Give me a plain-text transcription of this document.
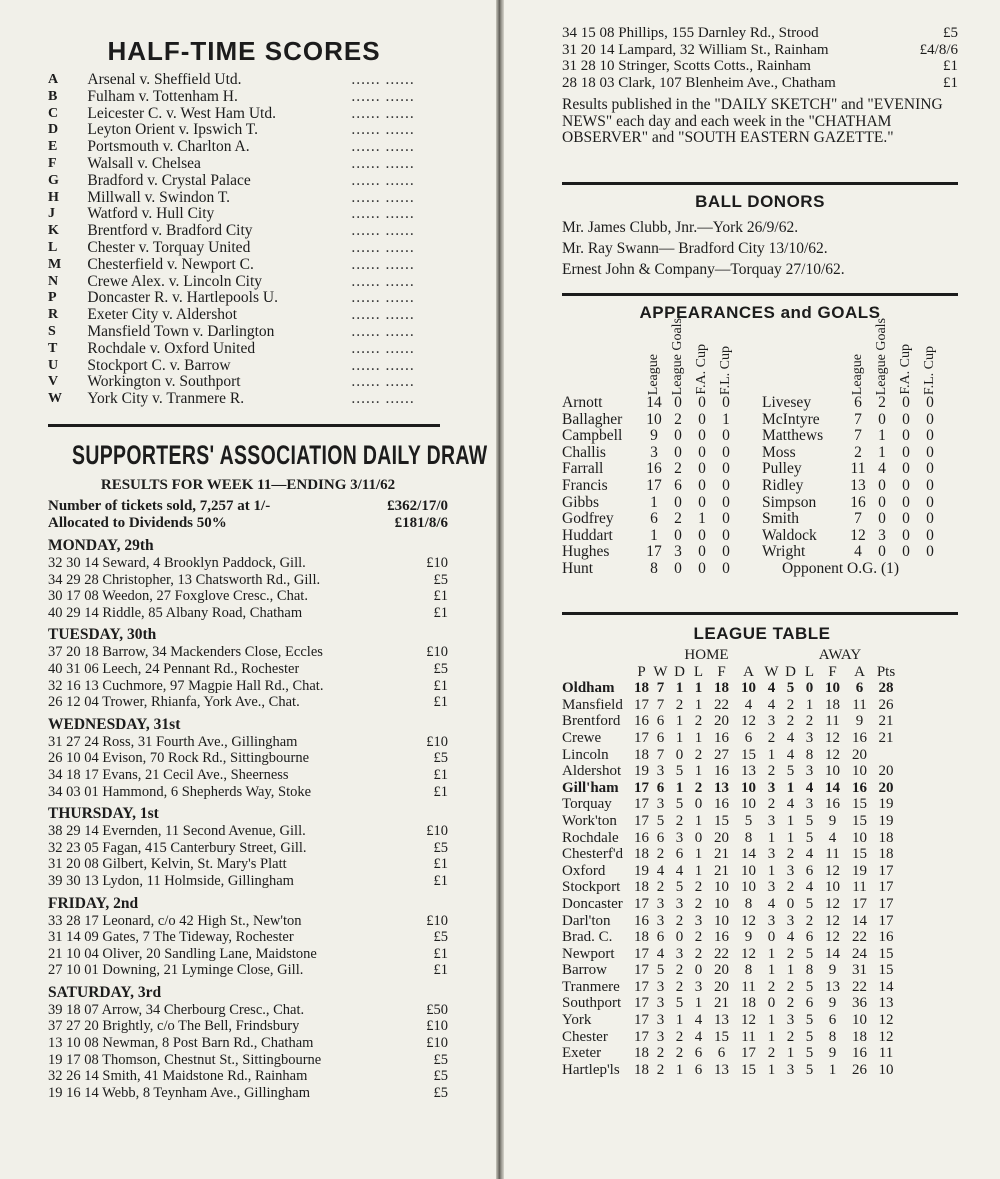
HALF-TIME SCORES
A	Arsenal v. Sheffield Utd.	...... ......
B	Fulham v. Tottenham H.	...... ......
C	Leicester C. v. West Ham Utd.	...... ......
D	Leyton Orient v. Ipswich T.	...... ......
E	Portsmouth v. Charlton A.	...... ......
F	Walsall v. Chelsea	...... ......
G	Bradford v. Crystal Palace	...... ......
H	Millwall v. Swindon T.	...... ......
J	Watford v. Hull City	...... ......
K	Brentford v. Bradford City	...... ......
L	Chester v. Torquay United	...... ......
M	Chesterfield v. Newport C.	...... ......
N	Crewe Alex. v. Lincoln City	...... ......
P	Doncaster R. v. Hartlepools U.	...... ......
R	Exeter City v. Aldershot	...... ......
S	Mansfield Town v. Darlington	...... ......
T	Rochdale v. Oxford United	...... ......
U	Stockport C. v. Barrow	...... ......
V	Workington v. Southport	...... ......
W	York City v. Tranmere R.	...... ......
SUPPORTERS' ASSOCIATION DAILY DRAW
RESULTS FOR WEEK 11—ENDING 3/11/62
Number of tickets sold, 7,257 at 1/-	£362/17/0
Allocated to Dividends 50%	£181/8/6
MONDAY, 29th
32 30 14 Seward, 4 Brooklyn Paddock, Gill.	£10
34 29 28 Christopher, 13 Chatsworth Rd., Gill.	£5
30 17 08 Weedon, 27 Foxglove Cresc., Chat.	£1
40 29 14 Riddle, 85 Albany Road, Chatham	£1
TUESDAY, 30th
37 20 18 Barrow, 34 Mackenders Close, Eccles	£10
40 31 06 Leech, 24 Pennant Rd., Rochester	£5
32 16 13 Cuchmore, 97 Magpie Hall Rd., Chat.	£1
26 12 04 Trower, Rhianfa, York Ave., Chat.	£1
WEDNESDAY, 31st
31 27 24 Ross, 31 Fourth Ave., Gillingham	£10
26 10 04 Evison, 70 Rock Rd., Sittingbourne	£5
34 18 17 Evans, 21 Cecil Ave., Sheerness	£1
34 03 01 Hammond, 6 Shepherds Way, Stoke	£1
THURSDAY, 1st
38 29 14 Evernden, 11 Second Avenue, Gill.	£10
32 23 05 Fagan, 415 Canterbury Street, Gill.	£5
31 20 08 Gilbert, Kelvin, St. Mary's Platt	£1
39 30 13 Lydon, 11 Holmside, Gillingham	£1
FRIDAY, 2nd
33 28 17 Leonard, c/o 42 High St., New'ton	£10
31 14 09 Gates, 7 The Tideway, Rochester	£5
21 10 04 Oliver, 20 Sandling Lane, Maidstone	£1
27 10 01 Downing, 21 Lyminge Close, Gill.	£1
SATURDAY, 3rd
39 18 07 Arrow, 34 Cherbourg Cresc., Chat.	£50
37 27 20 Brightly, c/o The Bell, Frindsbury	£10
13 10 08 Newman, 8 Post Barn Rd., Chatham	£10
19 17 08 Thomson, Chestnut St., Sittingbourne	£5
32 26 14 Smith, 41 Maidstone Rd., Rainham	£5
19 16 14 Webb, 8 Teynham Ave., Gillingham	£5
34 15 08 Phillips, 155 Darnley Rd., Strood	£5
31 20 14 Lampard, 32 William St., Rainham	£4/8/6
31 28 10 Stringer, Scotts Cotts., Rainham	£1
28 18 03 Clark, 107 Blenheim Ave., Chatham	£1
Results published in the "DAILY SKETCH" and "EVENING NEWS" each day and each week in the "CHATHAM OBSERVER" and "SOUTH EASTERN GAZETTE."
BALL DONORS
Mr. James Clubb, Jnr.—York 26/9/62.
Mr. Ray Swann— Bradford City 13/10/62.
Ernest John & Company—Torquay 27/10/62.
APPEARANCES and GOALS
League League Goals F.A. Cup F.L. Cup
Arnott	14 0	0	0
Ballagher	10 2	0	1
Campbell	9	0	0	0
Challis	3	0	0	0
Farrall	16 2	0	0
Francis	17 6	0	0
Gibbs	1	0	0	0
Godfrey	6	2	1	0
Huddart	1	0	0	0
Hughes	17 3	0	0
Hunt	8	0	0	0
League League Goals F.A. Cup F.L. Cup
Livesey	6	2	0	0
McIntyre	7	0	0	0
Matthews	7	1	0	0
Moss	2	1	0	0
Pulley	11 4	0	0
Ridley	13 0	0	0
Simpson	16 0	0	0
Smith	7	0	0	0
Waldock	12 3	0	0
Wright	4	0	0	0
Opponent O.G. (1)
LEAGUE TABLE
		HOME						AWAY				
	P	W	D	L	F	A	W	D	L	F	A	Pts
Oldham	18	7	1	1	18	10	4	5	0	10	6	28
Mansfield	17	7	2	1	22	4	4	2	1	18	11	26
Brentford	16	6	1	2	20	12	3	2	2	11	9	21
Crewe	17	6	1	1	16	6	2	4	3	12	16	21
Lincoln	18	7	0	2	27	15	1	4	8	12	20	
Aldershot	19	3	5	1	16	13	2	5	3	10	10	20
Gill'ham	17	6	1	2	13	10	3	1	4	14	16	20
Torquay	17	3	5	0	16	10	2	4	3	16	15	19
Work'ton	17	5	2	1	15	5	3	1	5	9	15	19
Rochdale	16	6	3	0	20	8	1	1	5	4	10	18
Chesterf'd	18	2	6	1	21	14	3	2	4	11	15	18
Oxford	19	4	4	1	21	10	1	3	6	12	19	17
Stockport	18	2	5	2	10	10	3	2	4	10	11	17
Doncaster	17	3	3	2	10	8	4	0	5	12	17	17
Darl'ton	16	3	2	3	10	12	3	3	2	12	14	17
Brad. C.	18	6	0	2	16	9	0	4	6	12	22	16
Newport	17	4	3	2	22	12	1	2	5	14	24	15
Barrow	17	5	2	0	20	8	1	1	8	9	31	15
Tranmere	17	3	2	3	20	11	2	2	5	13	22	14
Southport	17	3	5	1	21	18	0	2	6	9	36	13
York	17	3	1	4	13	12	1	3	5	6	10	12
Chester	17	3	2	4	15	11	1	2	5	8	18	12
Exeter	18	2	2	6	6	17	2	1	5	9	16	11
Hartlep'ls	18	2	1	6	13	15	1	3	5	1	26	10
